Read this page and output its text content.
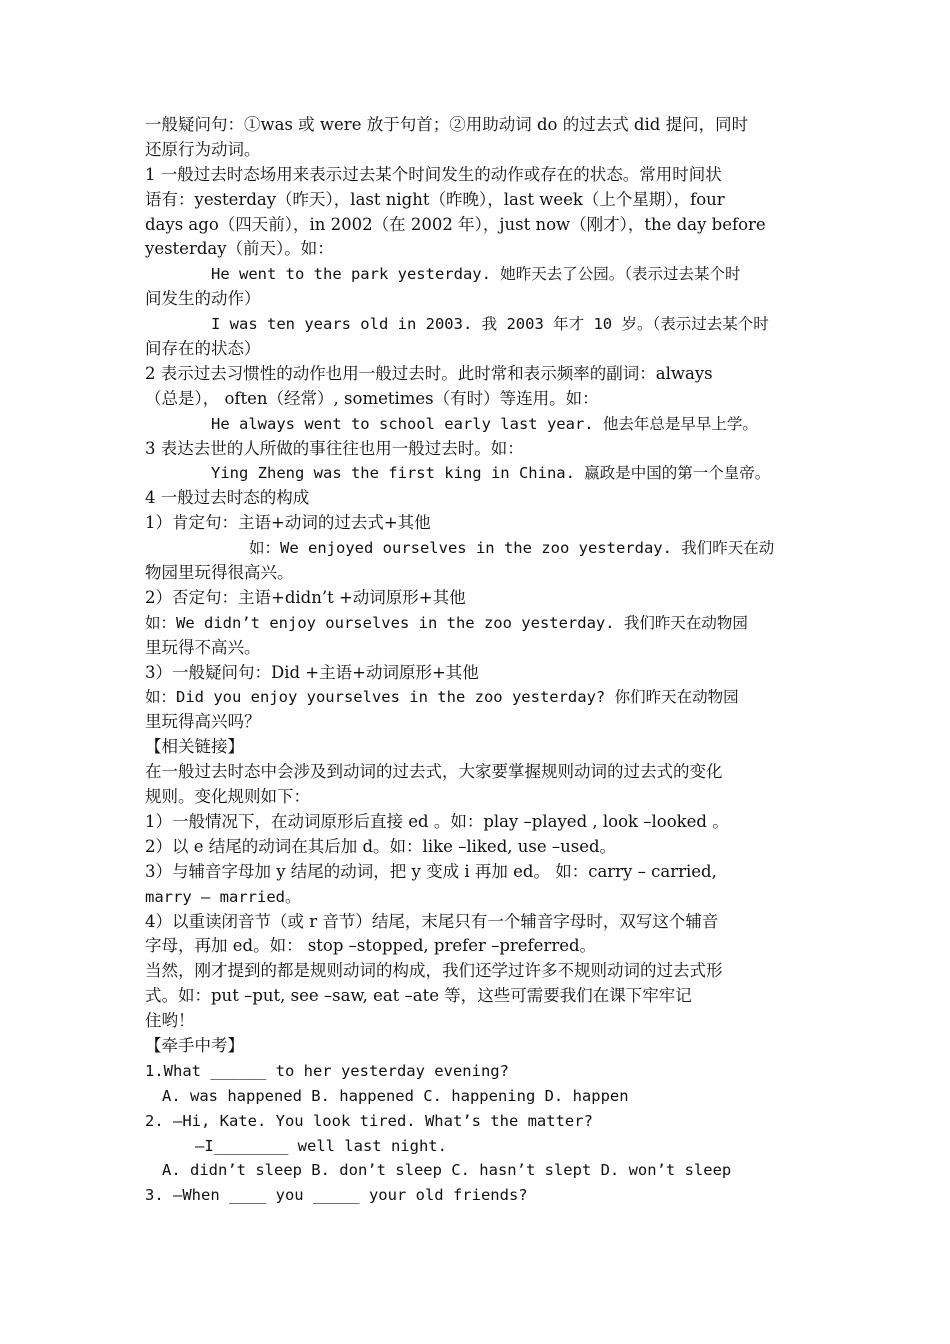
一般疑问句：①was 或 were 放于句首；②用助动词 do 的过去式 did 提问，同时
还原行为动词。
1 一般过去时态场用来表示过去某个时间发生的动作或存在的状态。常用时间状
语有：yesterday（昨天），last night（昨晚），last week（上个星期），four
days ago（四天前），in 2002（在 2002 年），just now（刚才），the day before
yesterday（前天）。如：
He went to the park yesterday. 她昨天去了公园。（表示过去某个时
间发生的动作）
I was ten years old in 2003. 我 2003 年才 10 岁。（表示过去某个时
间存在的状态）
2 表示过去习惯性的动作也用一般过去时。此时常和表示频率的副词：always
（总是）， often（经常）, sometimes（有时）等连用。如：
He always went to school early last year. 他去年总是早早上学。
3 表达去世的人所做的事往往也用一般过去时。如：
Ying Zheng was the first king in China. 嬴政是中国的第一个皇帝。
4 一般过去时态的构成
1）肯定句：主语+动词的过去式+其他
如：We enjoyed ourselves in the zoo yesterday. 我们昨天在动
物园里玩得很高兴。
2）否定句：主语+didn’t +动词原形+其他
如：We didn’t enjoy ourselves in the zoo yesterday. 我们昨天在动物园
里玩得不高兴。
3）一般疑问句：Did +主语+动词原形+其他
如：Did you enjoy yourselves in the zoo yesterday? 你们昨天在动物园
里玩得高兴吗？
【相关链接】
在一般过去时态中会涉及到动词的过去式，大家要掌握规则动词的过去式的变化
规则。变化规则如下：
1）一般情况下，在动词原形后直接 ed 。如：play –played , look –looked 。
2）以 e 结尾的动词在其后加 d。如：like –liked, use –used。
3）与辅音字母加 y 结尾的动词，把 y 变成 i 再加 ed。 如：carry – carried,
marry – married。
4）以重读闭音节（或 r 音节）结尾，末尾只有一个辅音字母时，双写这个辅音
字母，再加 ed。如： stop –stopped, prefer –preferred。
当然，刚才提到的都是规则动词的构成，我们还学过许多不规则动词的过去式形
式。如：put –put, see –saw, eat –ate 等，这些可需要我们在课下牢牢记
住哟！
【牵手中考】
1.What ______ to her yesterday evening?
A. was happened B. happened C. happening D. happen
2. —Hi, Kate. You look tired. What’s the matter?
—I________ well last night.
A. didn’t sleep B. don’t sleep C. hasn’t slept D. won’t sleep
3. —When ____ you _____ your old friends?
